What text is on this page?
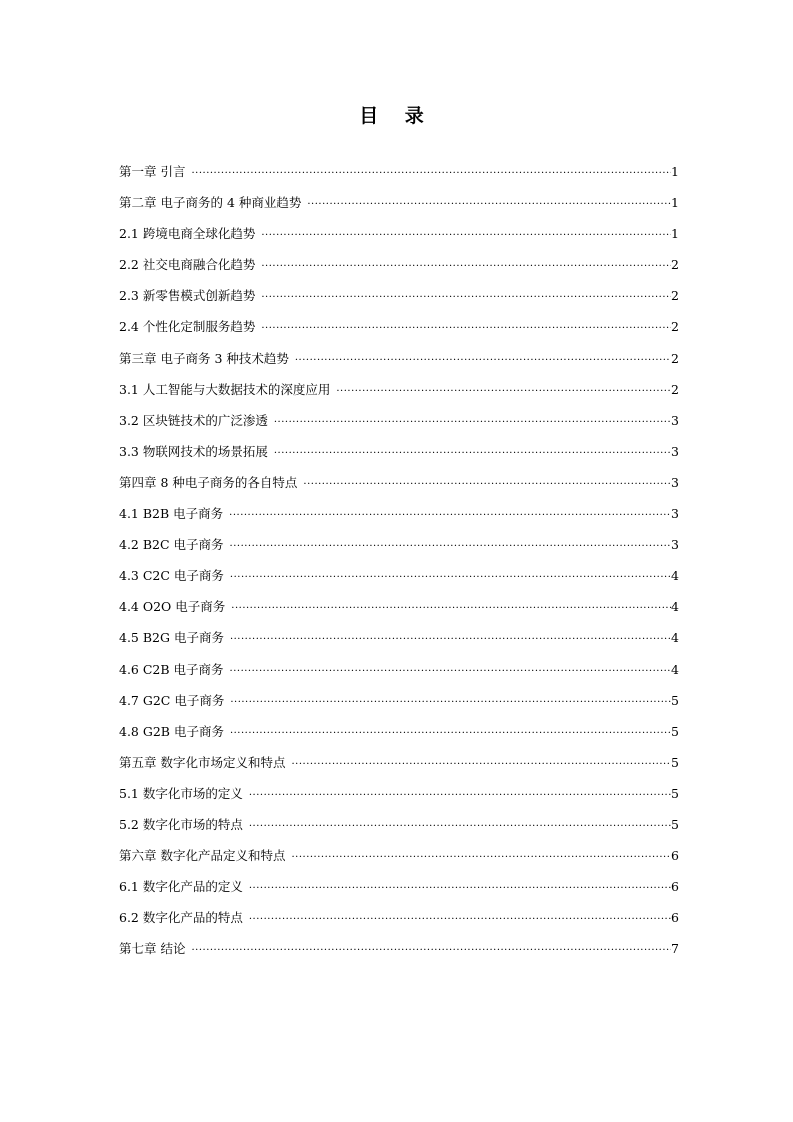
目 录
第一章 引言 ·····	1
第二章 电子商务的 4 种商业趋势 ·····	1
2.1 跨境电商全球化趋势 ·····	1
2.2 社交电商融合化趋势 ·····	2
2.3 新零售模式创新趋势 ·····	2
2.4 个性化定制服务趋势 ·····	2
第三章 电子商务 3 种技术趋势 ·····	2
3.1 人工智能与大数据技术的深度应用 ·····	2
3.2 区块链技术的广泛渗透 ·····	3
3.3 物联网技术的场景拓展 ·····	3
第四章 8 种电子商务的各自特点 ·····	3
4.1 B2B 电子商务 ·····	3
4.2 B2C 电子商务 ·····	3
4.3 C2C 电子商务 ·····	4
4.4 O2O 电子商务 ·····	4
4.5 B2G 电子商务 ·····	4
4.6 C2B 电子商务 ·····	4
4.7 G2C 电子商务 ·····	5
4.8 G2B 电子商务 ·····	5
第五章 数字化市场定义和特点 ·····	5
5.1 数字化市场的定义 ·····	5
5.2 数字化市场的特点 ·····	5
第六章 数字化产品定义和特点 ·····	6
6.1 数字化产品的定义 ·····	6
6.2 数字化产品的特点 ·····	6
第七章 结论 ·····	7
